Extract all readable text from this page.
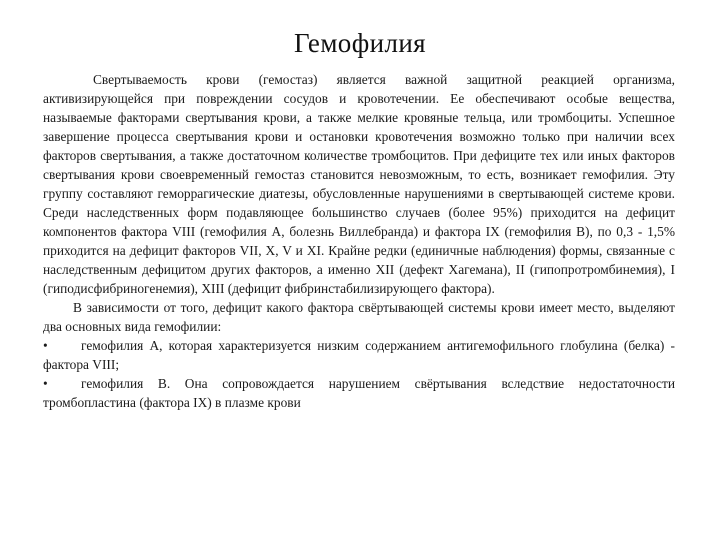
Гемофилия

Свертываемость крови (гемостаз) является важной защитной реакцией организма, активизирующейся при повреждении сосудов и кровотечении. Ее обеспечивают особые вещества, называемые факторами свертывания крови, а также мелкие кровяные тельца, или тромбоциты. Успешное завершение процесса свертывания крови и остановки кровотечения возможно только при наличии всех факторов свертывания, а также достаточном количестве тромбоцитов. При дефиците тех или иных факторов свертывания крови своевременный гемостаз становится невозможным, то есть, возникает гемофилия. Эту группу составляют геморрагические диатезы, обусловленные нарушениями в свертывающей системе крови. Среди наследственных форм подавляющее большинство случаев (более 95%) приходится на дефицит компонентов фактора VIII (гемофилия А, болезнь Виллебранда) и фактора IX (гемофилия В), по 0,3 - 1,5% приходится на дефицит факторов VII, X, V и XI. Крайне редки (единичные наблюдения) формы, связанные с наследственным дефицитом других факторов, а именно XII (дефект Хагемана), II (гипопротромбинемия), I (гиподисфибриногенемия), XIII (дефицит фибринстабилизирующего фактора).

В зависимости от того, дефицит какого фактора свёртывающей системы крови имеет место, выделяют два основных вида гемофилии:

• гемофилия А, которая характеризуется низким содержанием антигемофильного глобулина (белка) - фактора VIII;

• гемофилия В. Она сопровождается нарушением свёртывания вследствие недостаточности тромбопластина (фактора IX) в плазме крови
